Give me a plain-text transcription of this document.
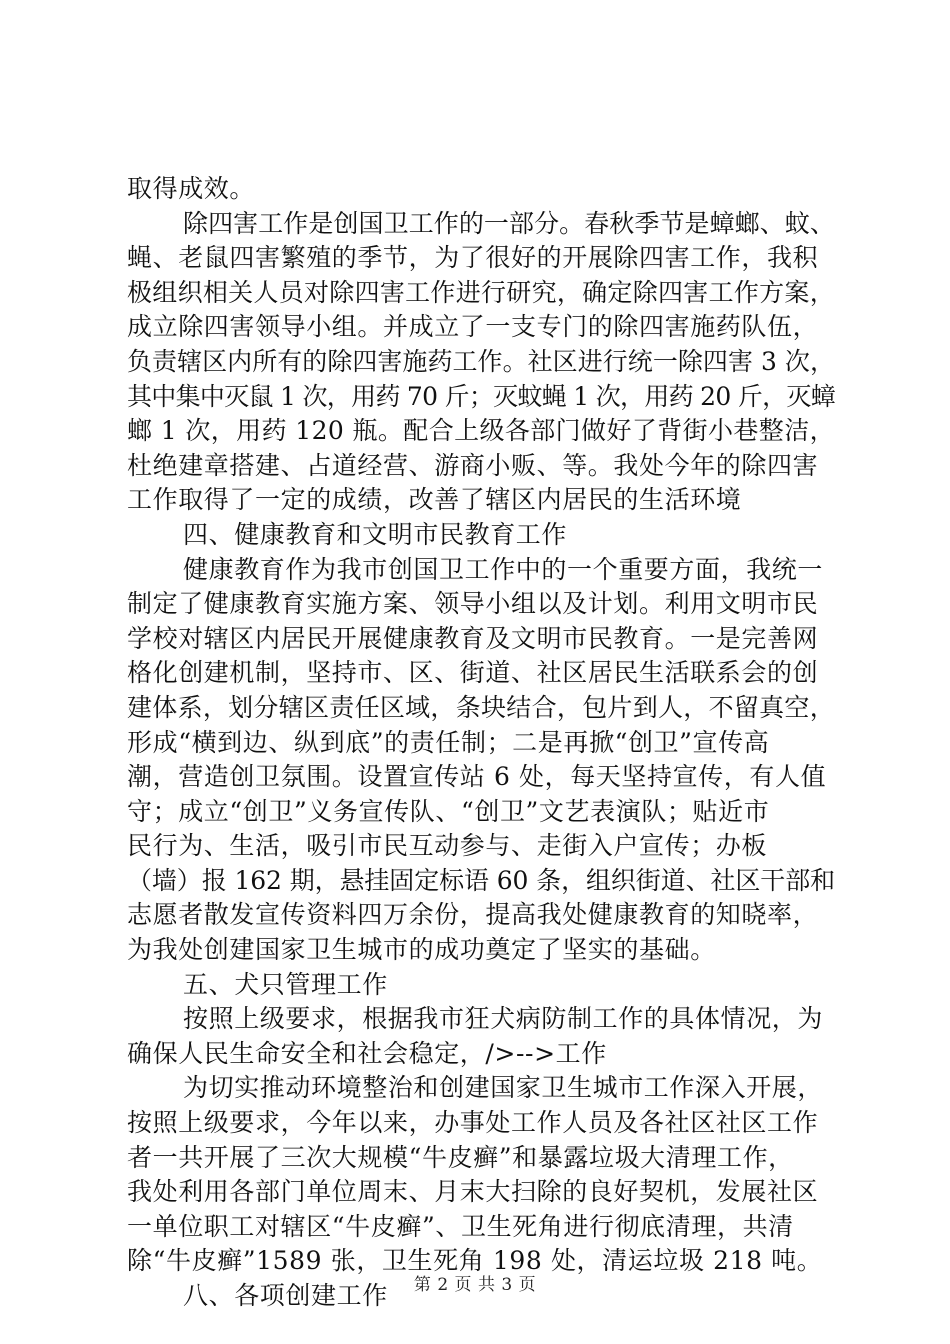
取得成效。
除四害工作是创国卫工作的一部分。春秋季节是蟑螂、蚊、
蝇、老鼠四害繁殖的季节，为了很好的开展除四害工作，我积
极组织相关人员对除四害工作进行研究，确定除四害工作方案，
成立除四害领导小组。并成立了一支专门的除四害施药队伍，
负责辖区内所有的除四害施药工作。社区进行统一除四害 3 次，
其中集中灭鼠 1 次，用药 70 斤；灭蚊蝇 1 次，用药 20 斤，灭蟑
螂 1 次，用药 120 瓶。配合上级各部门做好了背街小巷整洁，
杜绝建章搭建、占道经营、游商小贩、等。我处今年的除四害
工作取得了一定的成绩，改善了辖区内居民的生活环境
四、健康教育和文明市民教育工作
健康教育作为我市创国卫工作中的一个重要方面，我统一
制定了健康教育实施方案、领导小组以及计划。利用文明市民
学校对辖区内居民开展健康教育及文明市民教育。一是完善网
格化创建机制，坚持市、区、街道、社区居民生活联系会的创
建体系，划分辖区责任区域，条块结合，包片到人，不留真空，
形成“横到边、纵到底”的责任制；二是再掀“创卫”宣传高
潮，营造创卫氛围。设置宣传站 6 处，每天坚持宣传，有人值
守；成立“创卫”义务宣传队、“创卫”文艺表演队；贴近市
民行为、生活，吸引市民互动参与、走街入户宣传；办板
（墙）报 162 期，悬挂固定标语 60 条，组织街道、社区干部和
志愿者散发宣传资料四万余份，提高我处健康教育的知晓率，
为我处创建国家卫生城市的成功奠定了坚实的基础。
五、犬只管理工作
按照上级要求，根据我市狂犬病防制工作的具体情况，为
确保人民生命安全和社会稳定，/>-->工作
为切实推动环境整治和创建国家卫生城市工作深入开展，
按照上级要求，今年以来，办事处工作人员及各社区社区工作
者一共开展了三次大规模“牛皮癣”和暴露垃圾大清理工作，
我处利用各部门单位周末、月末大扫除的良好契机，发展社区
一单位职工对辖区“牛皮癣”、卫生死角进行彻底清理，共清
除“牛皮癣”1589 张，卫生死角 198 处，清运垃圾 218 吨。
八、各项创建工作	第 2 页 共 3 页
